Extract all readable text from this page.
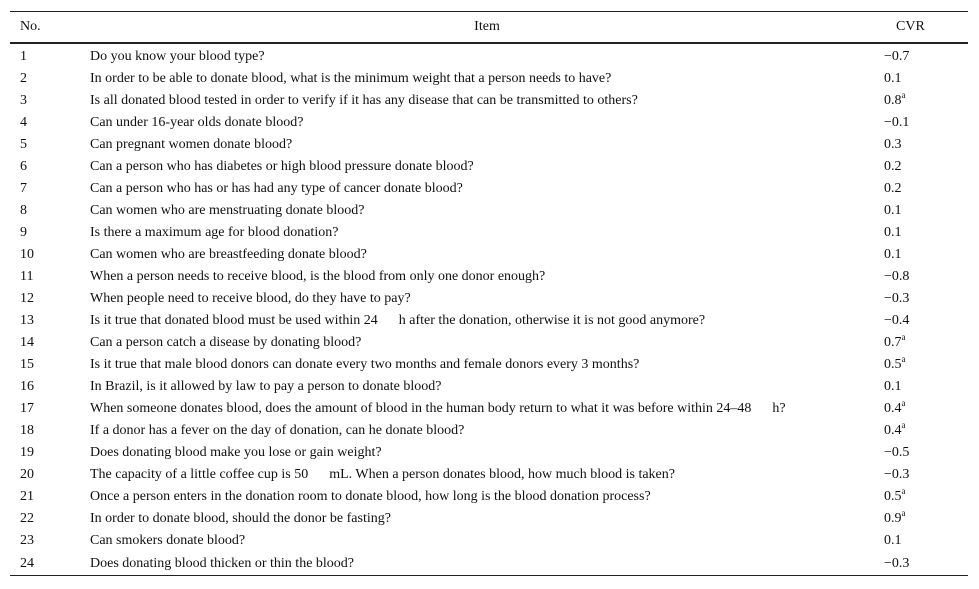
No.	Item	CVR
1	Do you know your blood type?	−0.7
2	In order to be able to donate blood, what is the minimum weight that a person needs to have?	0.1
3	Is all donated blood tested in order to verify if it has any disease that can be transmitted to others?	0.8$^a$
4	Can under 16-year olds donate blood?	−0.1
5	Can pregnant women donate blood?	0.3
6	Can a person who has diabetes or high blood pressure donate blood?	0.2
7	Can a person who has or has had any type of cancer donate blood?	0.2
8	Can women who are menstruating donate blood?	0.1
9	Is there a maximum age for blood donation?	0.1
10	Can women who are breastfeeding donate blood?	0.1
11	When a person needs to receive blood, is the blood from only one donor enough?	−0.8
12	When people need to receive blood, do they have to pay?	−0.3
13	Is it true that donated blood must be used within 24  h after the donation, otherwise it is not good anymore?	−0.4
14	Can a person catch a disease by donating blood?	0.7$^a$
15	Is it true that male blood donors can donate every two months and female donors every 3 months?	0.5$^a$
16	In Brazil, is it allowed by law to pay a person to donate blood?	0.1
17	When someone donates blood, does the amount of blood in the human body return to what it was before within 24–48  h?	0.4$^a$
18	If a donor has a fever on the day of donation, can he donate blood?	0.4$^a$
19	Does donating blood make you lose or gain weight?	−0.5
20	The capacity of a little coffee cup is 50  mL. When a person donates blood, how much blood is taken?	−0.3
21	Once a person enters in the donation room to donate blood, how long is the blood donation process?	0.5$^a$
22	In order to donate blood, should the donor be fasting?	0.9$^a$
23	Can smokers donate blood?	0.1
24	Does donating blood thicken or thin the blood?	−0.3
